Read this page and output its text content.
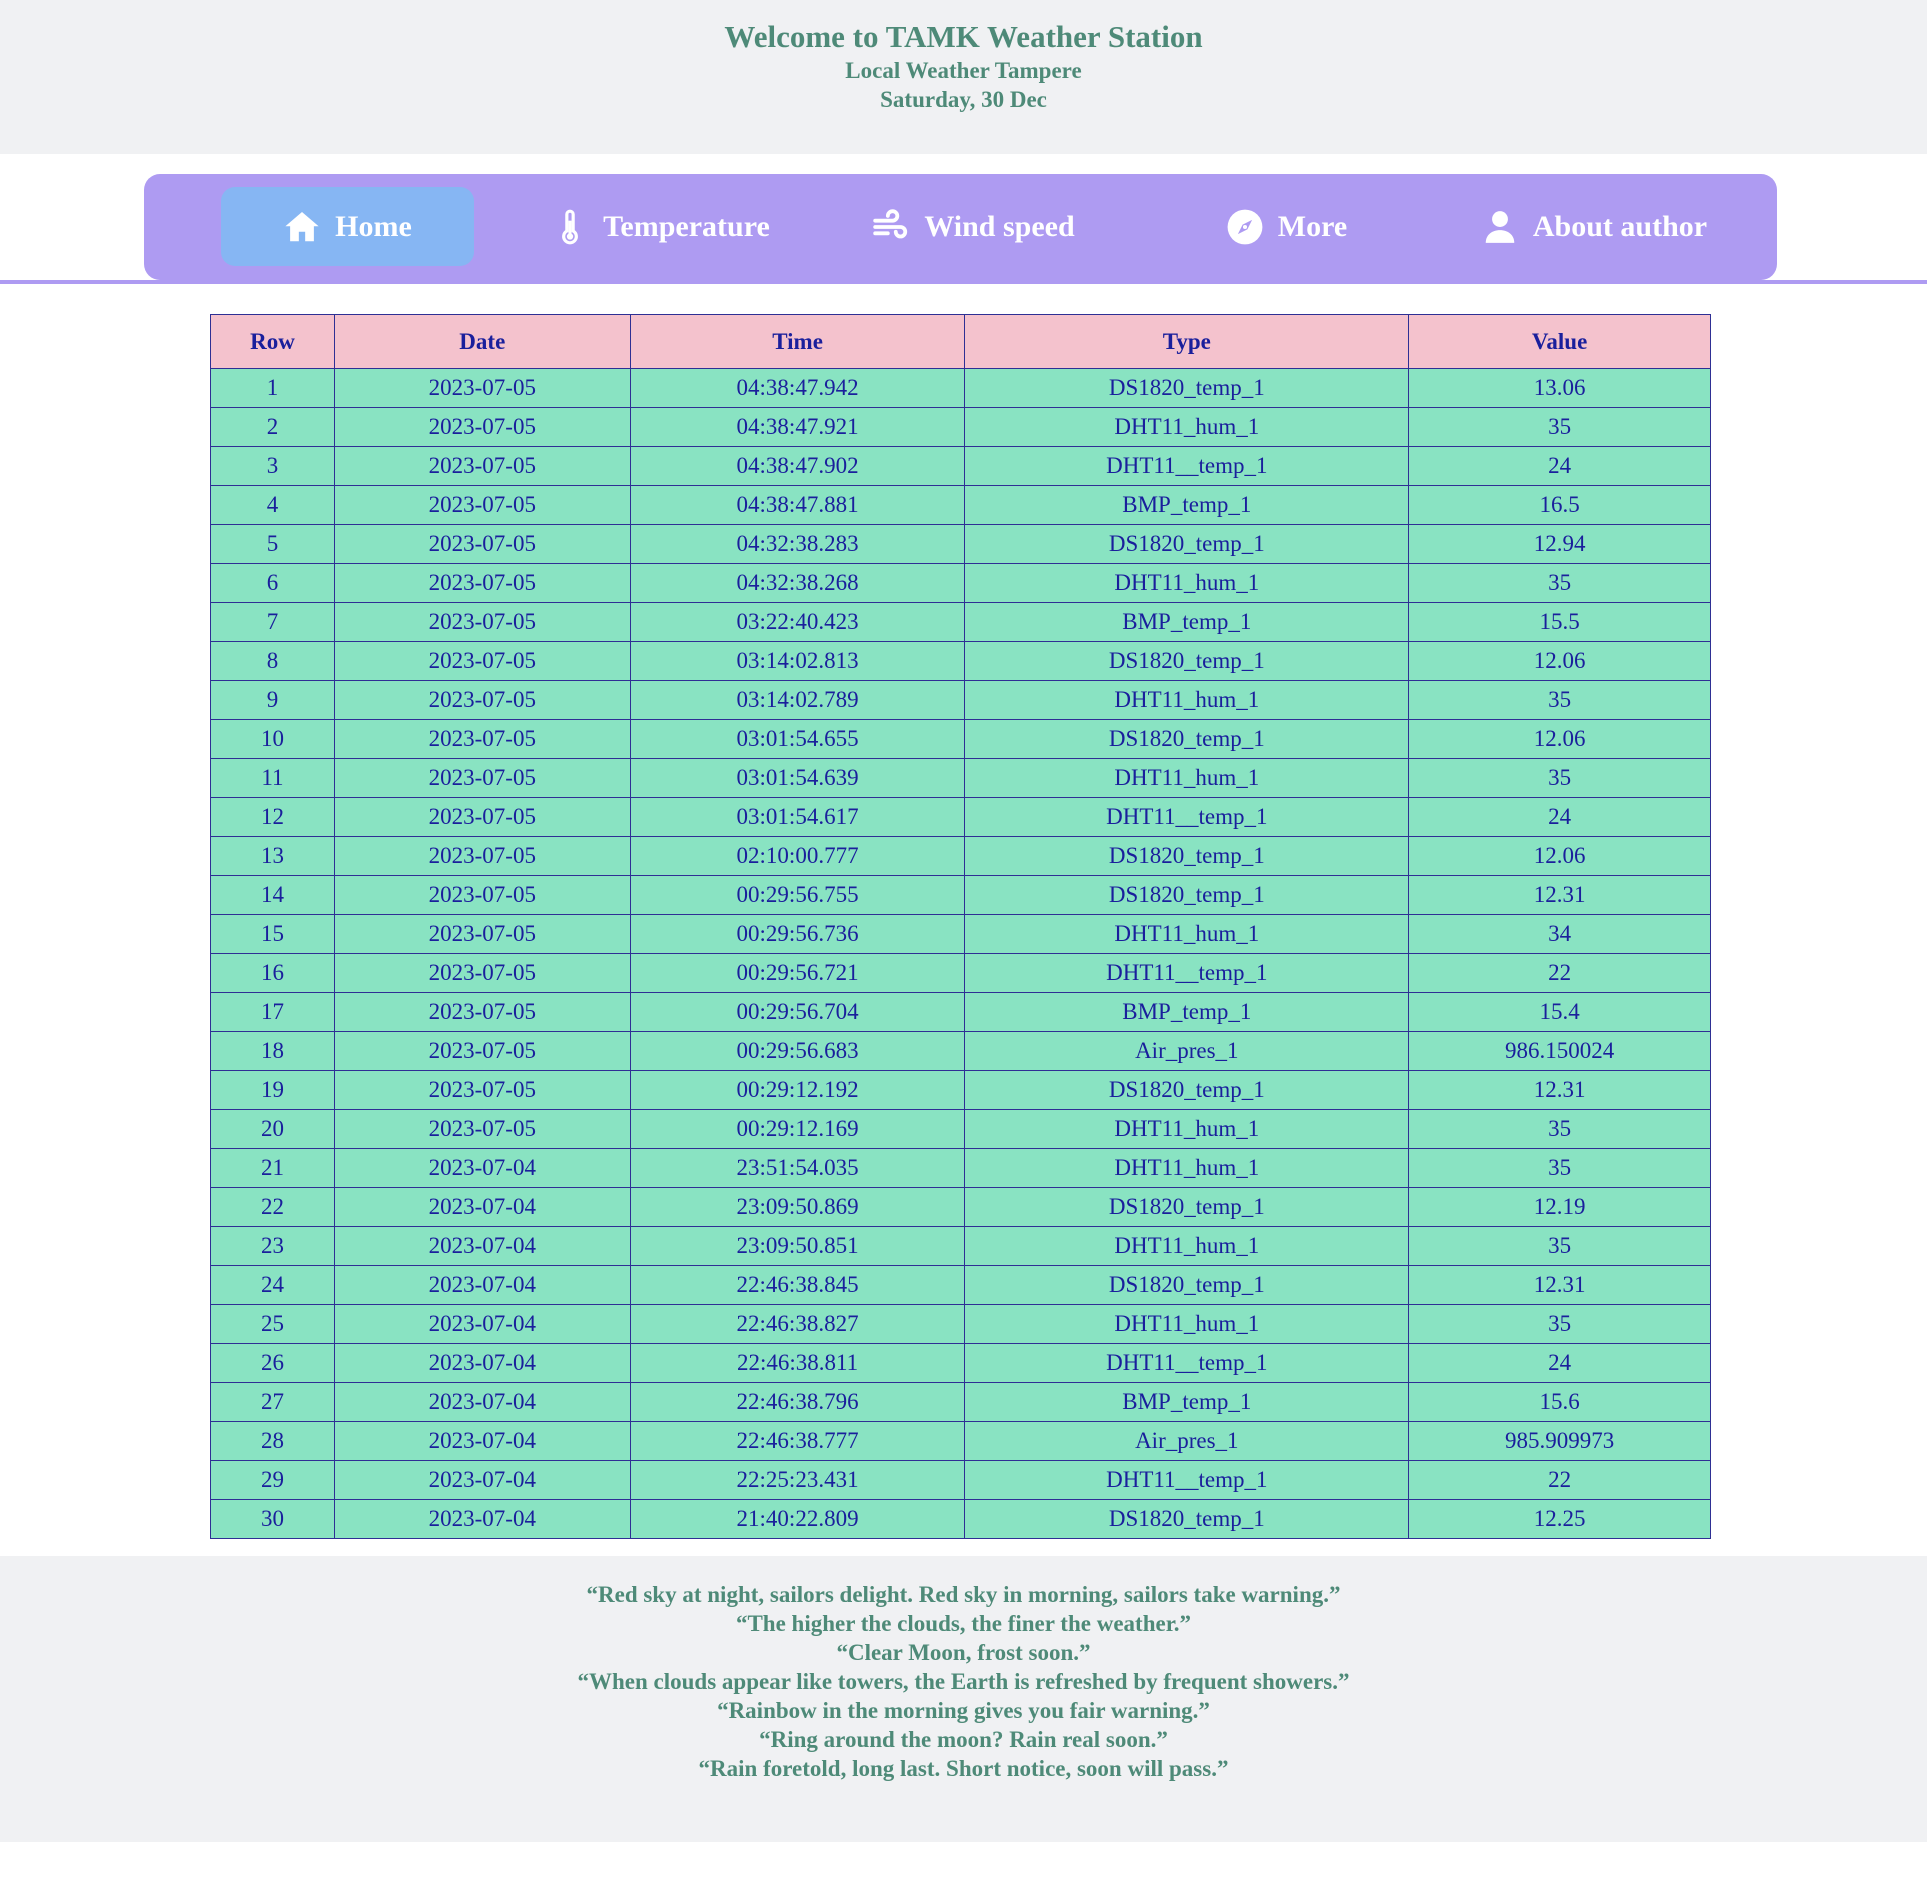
Welcome to TAMK Weather Station
Local Weather Tampere
Saturday, 30 Dec
Home	Temperature	Wind speed	More	About author
Row	Date	Time	Type	Value
1	2023-07-05	04:38:47.942	DS1820_temp_1	13.06
2	2023-07-05	04:38:47.921	DHT11_hum_1	35
3	2023-07-05	04:38:47.902	DHT11__temp_1	24
4	2023-07-05	04:38:47.881	BMP_temp_1	16.5
5	2023-07-05	04:32:38.283	DS1820_temp_1	12.94
6	2023-07-05	04:32:38.268	DHT11_hum_1	35
7	2023-07-05	03:22:40.423	BMP_temp_1	15.5
8	2023-07-05	03:14:02.813	DS1820_temp_1	12.06
9	2023-07-05	03:14:02.789	DHT11_hum_1	35
10	2023-07-05	03:01:54.655	DS1820_temp_1	12.06
11	2023-07-05	03:01:54.639	DHT11_hum_1	35
12	2023-07-05	03:01:54.617	DHT11__temp_1	24
13	2023-07-05	02:10:00.777	DS1820_temp_1	12.06
14	2023-07-05	00:29:56.755	DS1820_temp_1	12.31
15	2023-07-05	00:29:56.736	DHT11_hum_1	34
16	2023-07-05	00:29:56.721	DHT11__temp_1	22
17	2023-07-05	00:29:56.704	BMP_temp_1	15.4
18	2023-07-05	00:29:56.683	Air_pres_1	986.150024
19	2023-07-05	00:29:12.192	DS1820_temp_1	12.31
20	2023-07-05	00:29:12.169	DHT11_hum_1	35
21	2023-07-04	23:51:54.035	DHT11_hum_1	35
22	2023-07-04	23:09:50.869	DS1820_temp_1	12.19
23	2023-07-04	23:09:50.851	DHT11_hum_1	35
24	2023-07-04	22:46:38.845	DS1820_temp_1	12.31
25	2023-07-04	22:46:38.827	DHT11_hum_1	35
26	2023-07-04	22:46:38.811	DHT11__temp_1	24
27	2023-07-04	22:46:38.796	BMP_temp_1	15.6
28	2023-07-04	22:46:38.777	Air_pres_1	985.909973
29	2023-07-04	22:25:23.431	DHT11__temp_1	22
30	2023-07-04	21:40:22.809	DS1820_temp_1	12.25
“Red sky at night, sailors delight. Red sky in morning, sailors take warning.”
“The higher the clouds, the finer the weather.”
“Clear Moon, frost soon.”
“When clouds appear like towers, the Earth is refreshed by frequent showers.”
“Rainbow in the morning gives you fair warning.”
“Ring around the moon? Rain real soon.”
“Rain foretold, long last. Short notice, soon will pass.”
